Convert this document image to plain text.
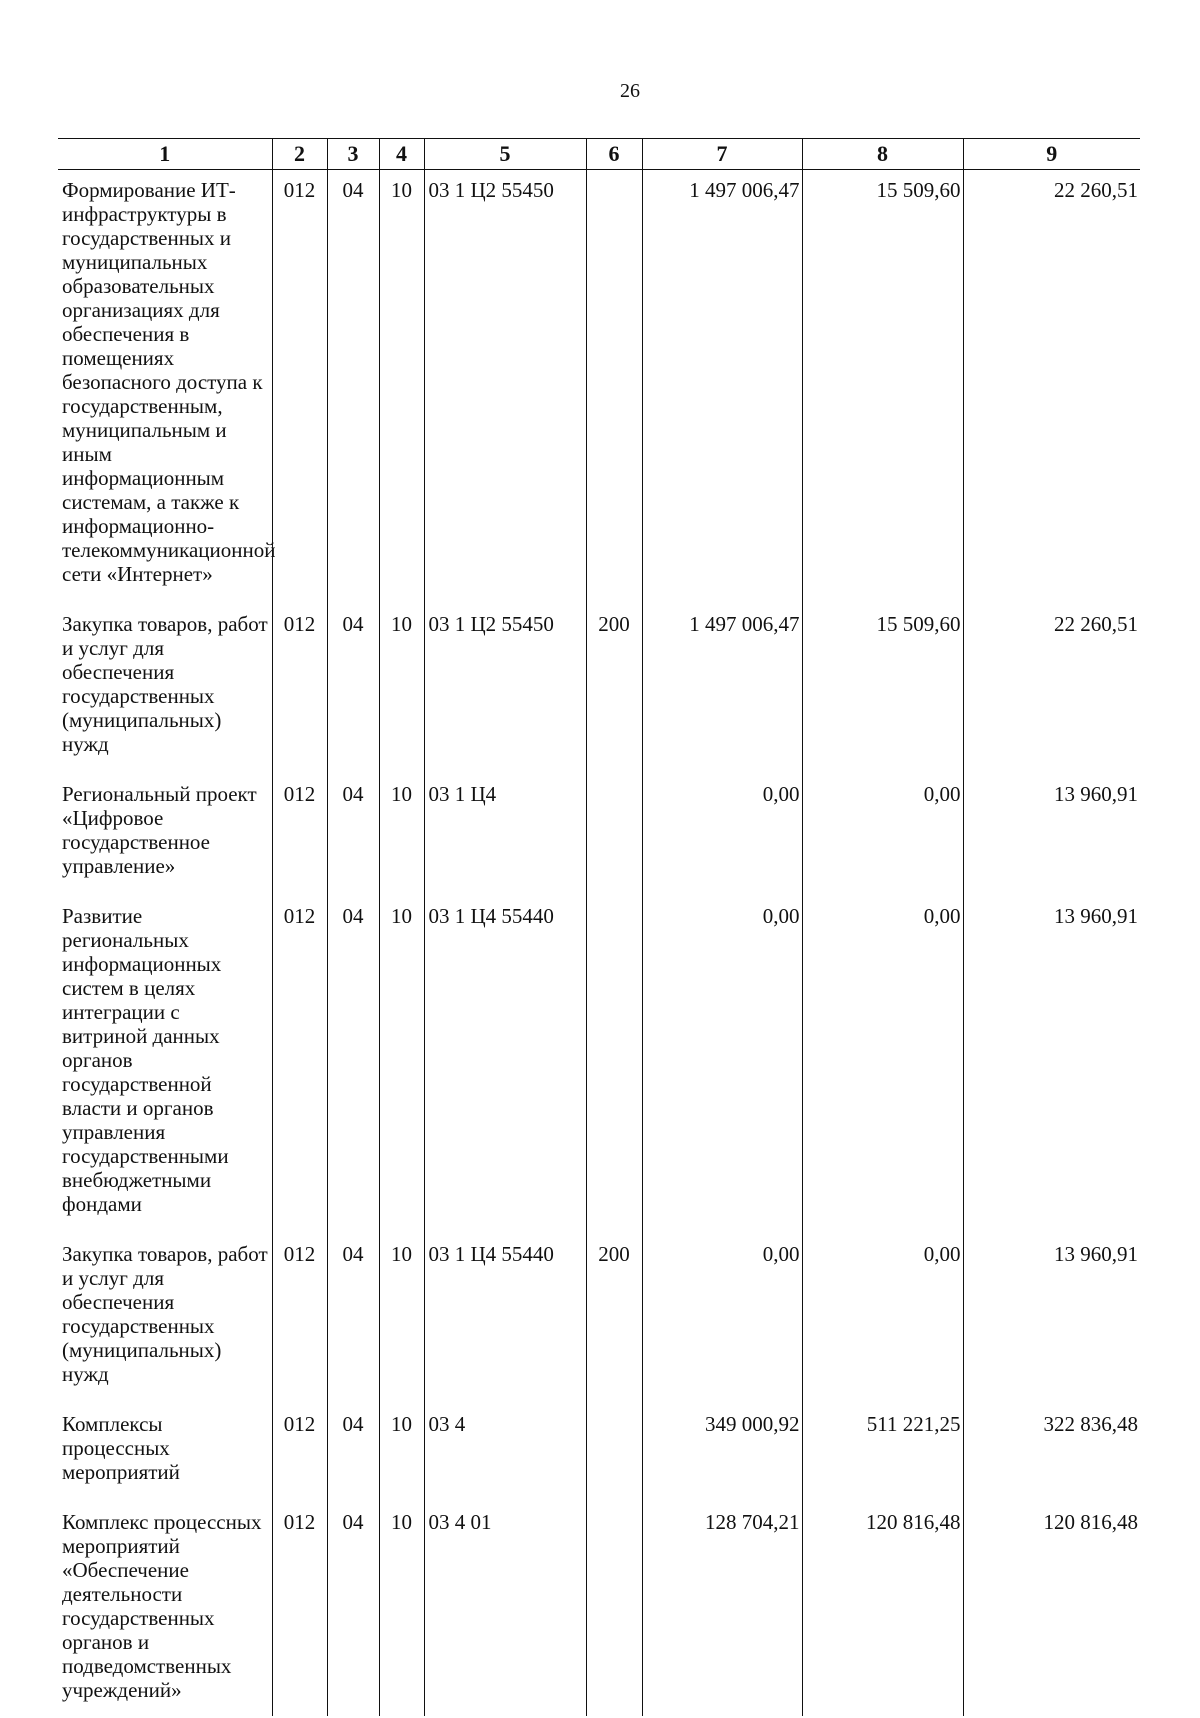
26
1	2	3	4	5	6	7	8	9
Формирование ИТ-инфраструктуры в государственных и муниципальных образовательных организациях для обеспечения в помещениях безопасного доступа к государственным, муниципальным и иным информационным системам, а также к информационно-телекоммуникационной сети «Интернет»	012	04	10	03 1 Ц2 55450		1 497 006,47	15 509,60	22 260,51
Закупка товаров, работ и услуг для обеспечения государственных (муниципальных) нужд	012	04	10	03 1 Ц2 55450	200	1 497 006,47	15 509,60	22 260,51
Региональный проект «Цифровое государственное управление»	012	04	10	03 1 Ц4		0,00	0,00	13 960,91
Развитие региональных информационных систем в целях интеграции с витриной данных органов государственной власти и органов управления государственными внебюджетными фондами	012	04	10	03 1 Ц4 55440		0,00	0,00	13 960,91
Закупка товаров, работ и услуг для обеспечения государственных (муниципальных) нужд	012	04	10	03 1 Ц4 55440	200	0,00	0,00	13 960,91
Комплексы процессных мероприятий	012	04	10	03 4		349 000,92	511 221,25	322 836,48
Комплекс процессных мероприятий «Обеспечение деятельности государственных органов и подведомственных учреждений»	012	04	10	03 4 01		128 704,21	120 816,48	120 816,48
